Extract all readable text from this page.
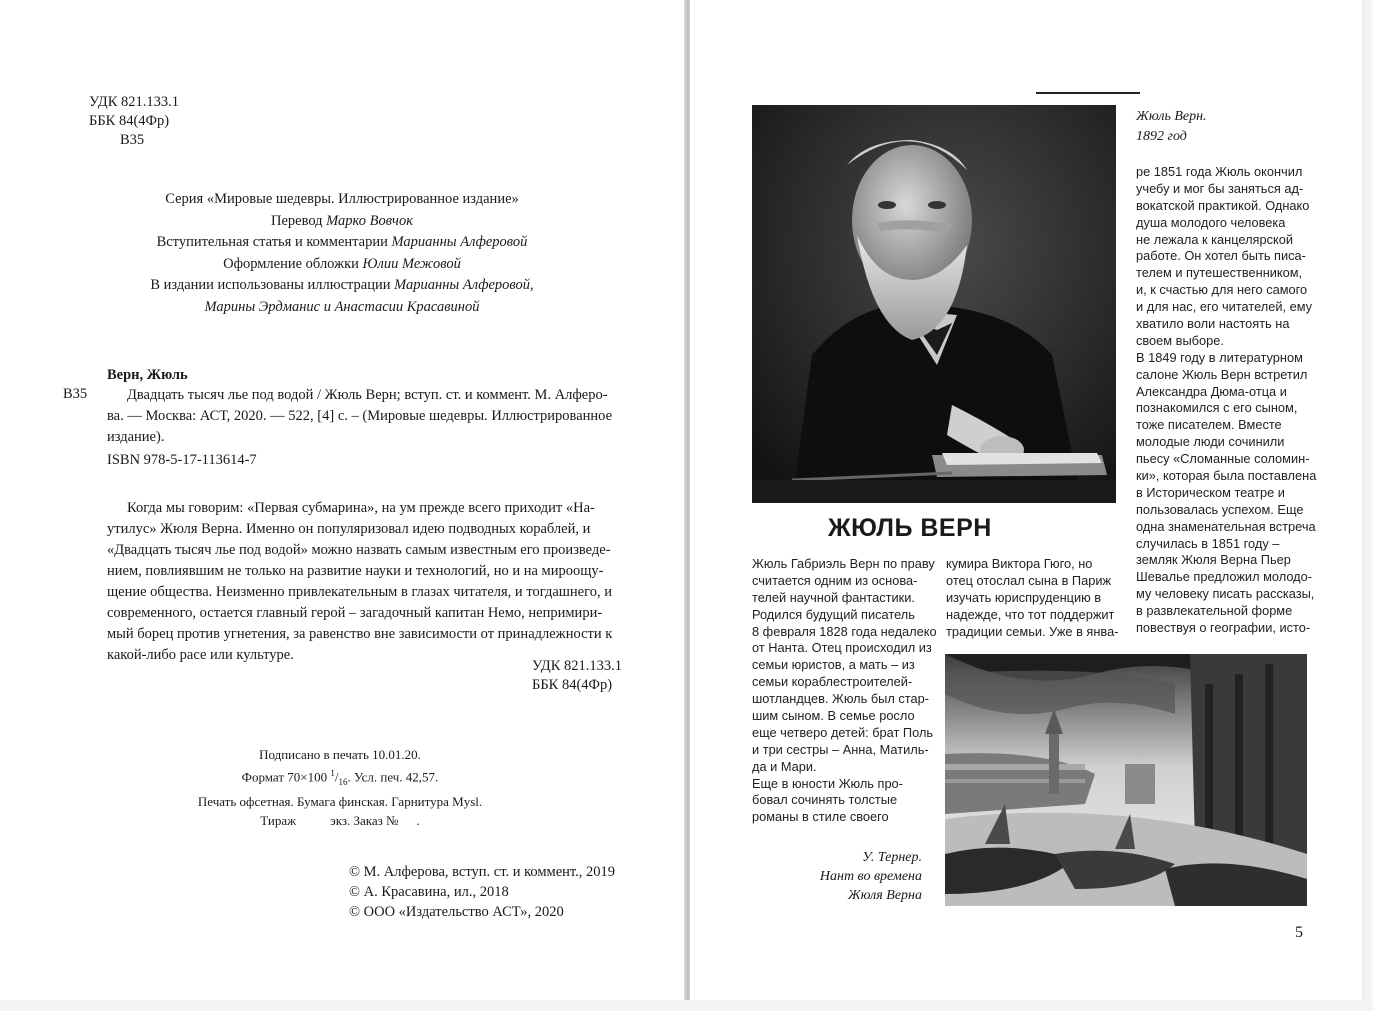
УДК 821.133.1
ББК 84(4Фр)
В35
Серия «Мировые шедевры. Иллюстрированное издание»
Перевод Марко Вовчок
Вступительная статья и комментарии Марианны Алферовой
Оформление обложки Юлии Межовой
В издании использованы иллюстрации Марианны Алферовой,
Марины Эрдманис и Анастасии Красавиной
Верн, Жюль
В35	Двадцать тысяч лье под водой / Жюль Верн; вступ. ст. и коммент. М. Алферо-
ва. — Москва: АСТ, 2020. — 522, [4] с. – (Мировые шедевры. Иллюстрированное
издание).
ISBN 978-5-17-113614-7
Когда мы говорим: «Первая субмарина», на ум прежде всего приходит «На-
утилус» Жюля Верна. Именно он популяризовал идею подводных кораблей, и
«Двадцать тысяч лье под водой» можно назвать самым известным его произведе-
нием, повлиявшим не только на развитие науки и технологий, но и на мироощу-
щение общества. Неизменно привлекательным в глазах читателя, и тогдашнего, и
современного, остается главный герой – загадочный капитан Немо, непримири-
мый борец против угнетения, за равенство вне зависимости от принадлежности к
какой-либо расе или культуре.
УДК 821.133.1
ББК 84(4Фр)
Подписано в печать 10.01.20.
Формат 70×100 $^1/_{16}$. Усл. печ. 42,57.
Печать офсетная. Бумага финская. Гарнитура Mysl.
Тираж	экз. Заказ № .
© М. Алферова, вступ. ст. и коммент., 2019
© А. Красавина, ил., 2018
© ООО «Издательство АСТ», 2020
Жюль Верн.
1892 год
ре 1851 года Жюль окончил
учебу и мог бы заняться ад-
вокатской практикой. Однако
душа молодого человека
не лежала к канцелярской
работе. Он хотел быть писа-
телем и путешественником,
и, к счастью для него самого
и для нас, его читателей, ему
хватило воли настоять на
своем выборе.
В 1849 году в литературном
салоне Жюль Верн встретил
Александра Дюма-отца и
познакомился с его сыном,
тоже писателем. Вместе
молодые люди сочинили
пьесу «Сломанные соломин-
ки», которая была поставлена
в Историческом театре и
пользовалась успехом. Еще
одна знаменательная встреча
случилась в 1851 году –
земляк Жюля Верна Пьер
Шевалье предложил молодо-
му человеку писать рассказы,
в развлекательной форме
повествуя о географии, исто-
ЖЮЛЬ ВЕРН
Жюль Габриэль Верн по праву
считается одним из основа-
телей научной фантастики.
Родился будущий писатель
8 февраля 1828 года недалеко
от Нанта. Отец происходил из
семьи юристов, а мать – из
семьи кораблестроителей-
шотландцев. Жюль был стар-
шим сыном. В семье росло
еще четверо детей: брат Поль
и три сестры – Анна, Матиль-
да и Мари.
Еще в юности Жюль про-
бовал сочинять толстые
романы в стиле своего
кумира Виктора Гюго, но
отец отослал сына в Париж
изучать юриспруденцию в
надежде, что тот поддержит
традиции семьи. Уже в янва-
У. Тернер.
Нант во времена
Жюля Верна
5
